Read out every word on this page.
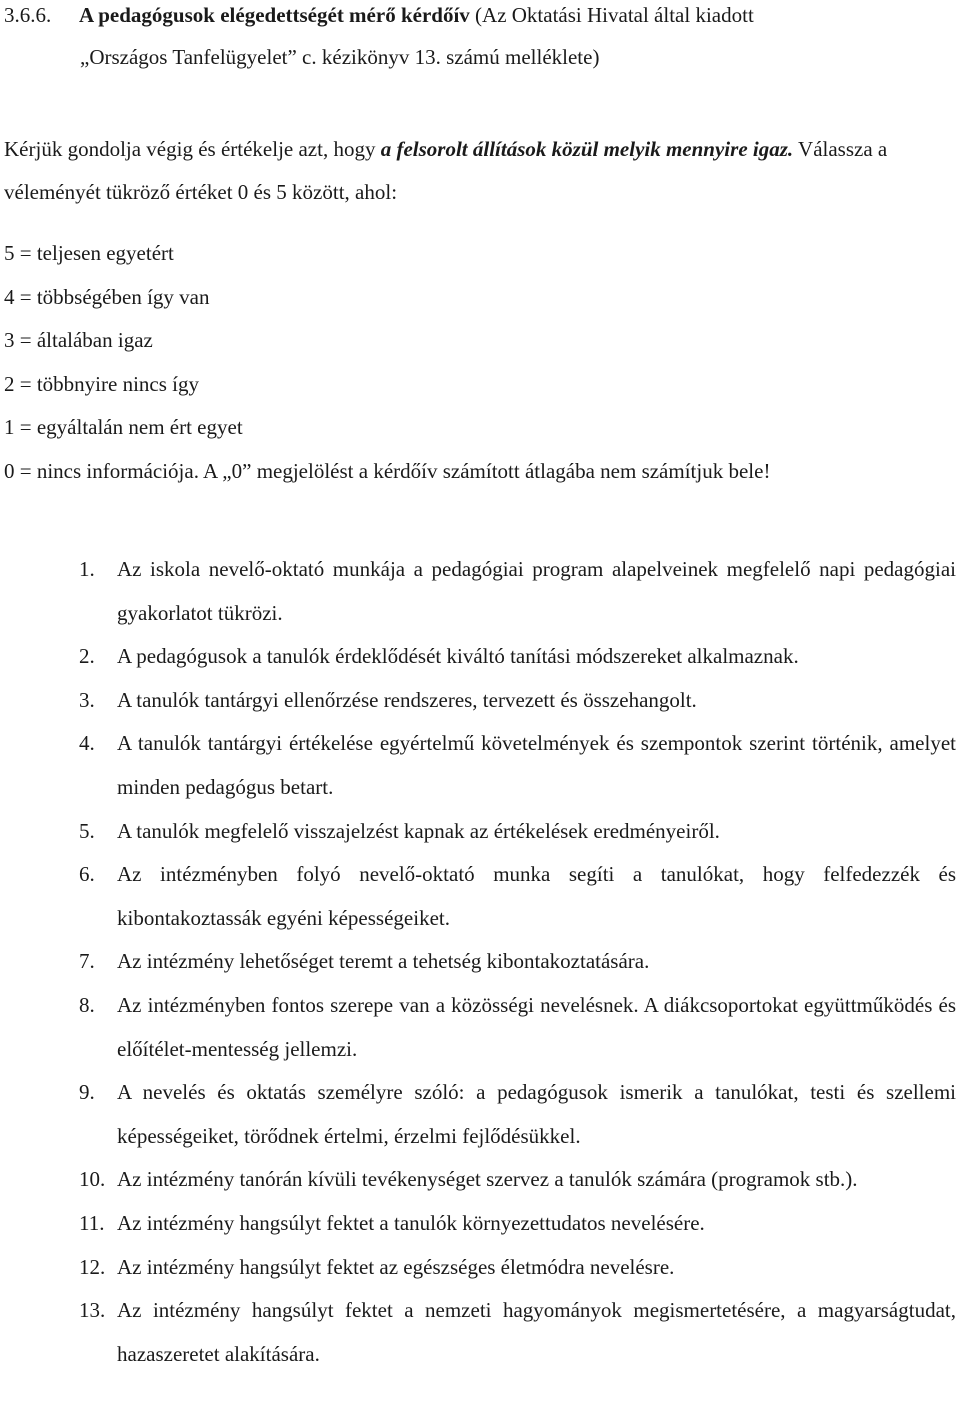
3.6.6. A pedagógusok elégedettségét mérő kérdőív (Az Oktatási Hivatal által kiadott
„Országos Tanfelügyelet” c. kézikönyv 13. számú melléklete)

Kérjük gondolja végig és értékelje azt, hogy a felsorolt állítások közül melyik mennyire igaz. Válassza a véleményét tükröző értéket 0 és 5 között, ahol:

5 = teljesen egyetért
4 = többségében így van
3 = általában igaz
2 = többnyire nincs így
1 = egyáltalán nem ért egyet
0 = nincs információja. A „0” megjelölést a kérdőív számított átlagába nem számítjuk bele!
1. Az iskola nevelő-oktató munkája a pedagógiai program alapelveinek megfelelő napi pedagógiai gyakorlatot tükrözi.
2. A pedagógusok a tanulók érdeklődését kiváltó tanítási módszereket alkalmaznak.
3. A tanulók tantárgyi ellenőrzése rendszeres, tervezett és összehangolt.
4. A tanulók tantárgyi értékelése egyértelmű követelmények és szempontok szerint történik, amelyet minden pedagógus betart.
5. A tanulók megfelelő visszajelzést kapnak az értékelések eredményeiről.
6. Az intézményben folyó nevelő-oktató munka segíti a tanulókat, hogy felfedezzék és kibontakoztassák egyéni képességeiket.
7. Az intézmény lehetőséget teremt a tehetség kibontakoztatására.
8. Az intézményben fontos szerepe van a közösségi nevelésnek. A diákcsoportokat együttműködés és előítélet-mentesség jellemzi.
9. A nevelés és oktatás személyre szóló: a pedagógusok ismerik a tanulókat, testi és szellemi képességeiket, törődnek értelmi, érzelmi fejlődésükkel.
10. Az intézmény tanórán kívüli tevékenységet szervez a tanulók számára (programok stb.).
11. Az intézmény hangsúlyt fektet a tanulók környezettudatos nevelésére.
12. Az intézmény hangsúlyt fektet az egészséges életmódra nevelésre.
13. Az intézmény hangsúlyt fektet a nemzeti hagyományok megismertetésére, a magyarságtudat, hazaszeretet alakítására.
